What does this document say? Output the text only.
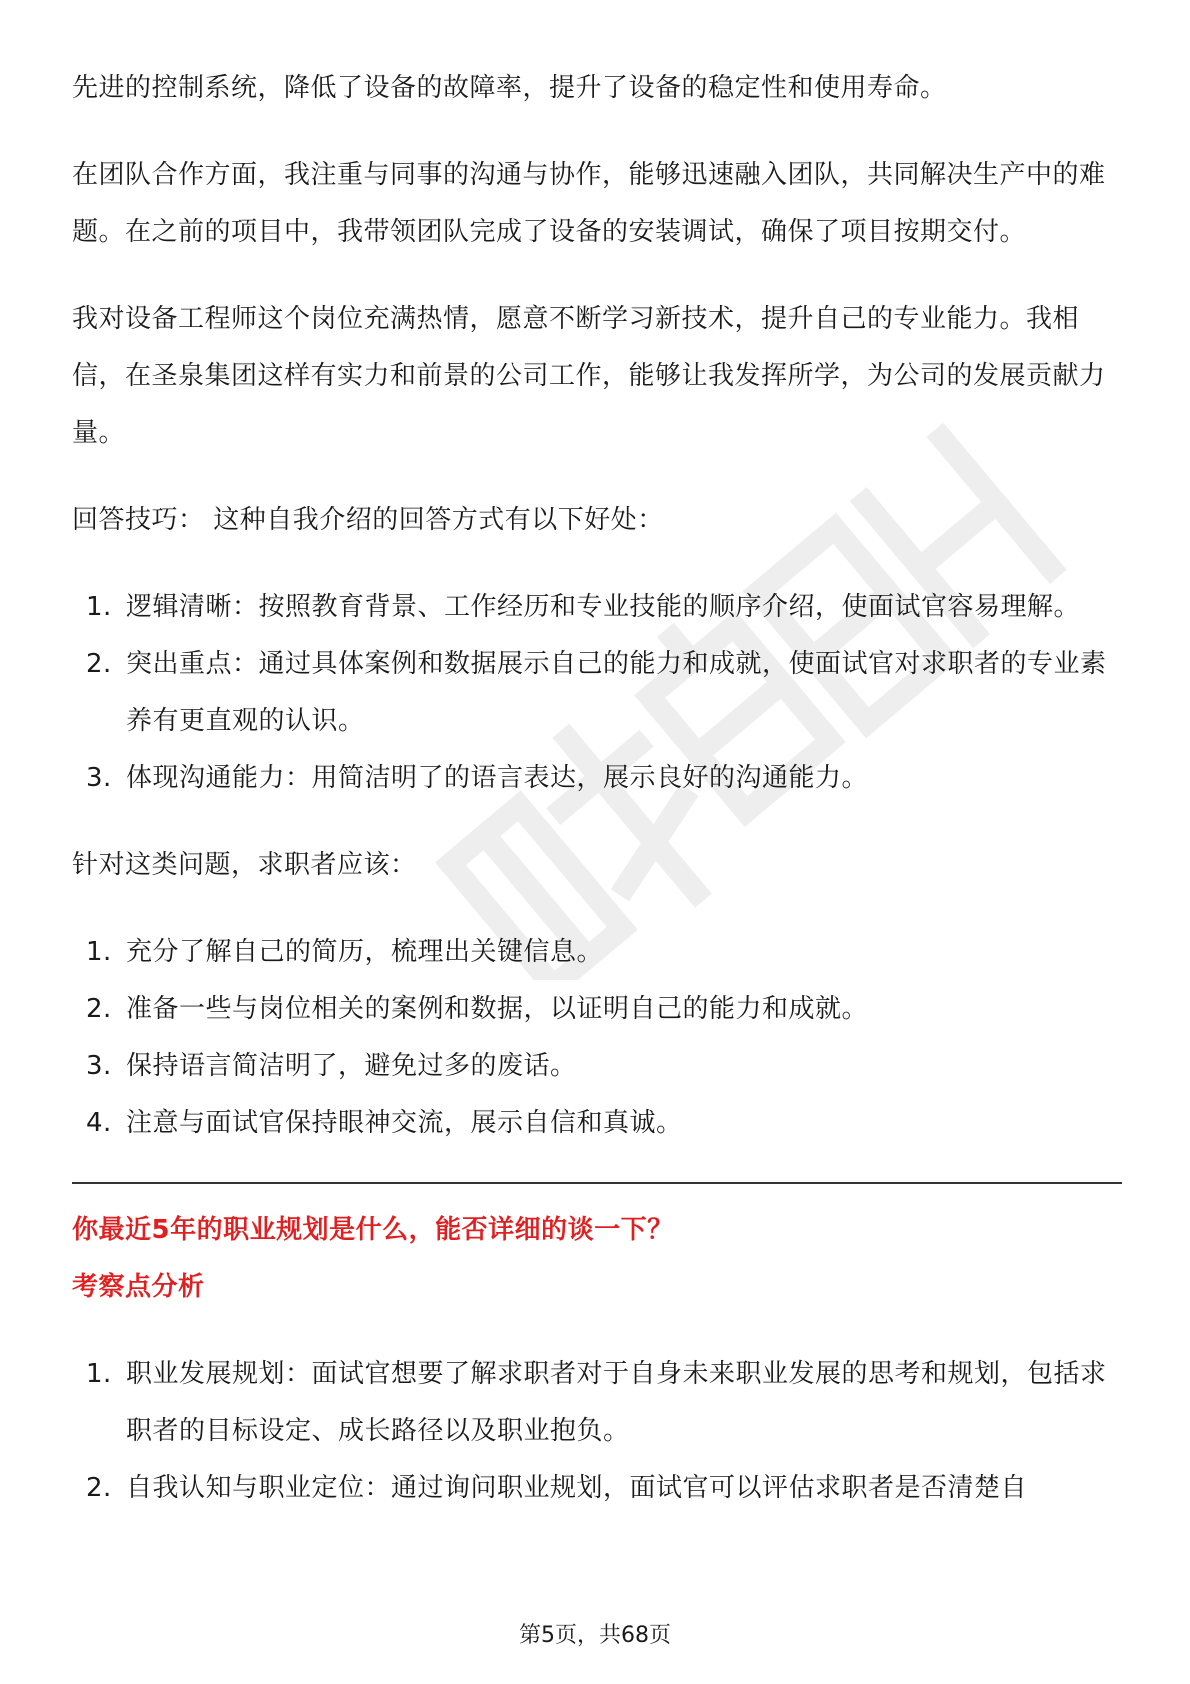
先进的控制系统，降低了设备的故障率，提升了设备的稳定性和使用寿命。

在团队合作方面，我注重与同事的沟通与协作，能够迅速融入团队，共同解决生产中的难题。在之前的项目中，我带领团队完成了设备的安装调试，确保了项目按期交付。

我对设备工程师这个岗位充满热情，愿意不断学习新技术，提升自己的专业能力。我相信，在圣泉集团这样有实力和前景的公司工作，能够让我发挥所学，为公司的发展贡献力量。

回答技巧： 这种自我介绍的回答方式有以下好处：

1. 逻辑清晰：按照教育背景、工作经历和专业技能的顺序介绍，使面试官容易理解。
2. 突出重点：通过具体案例和数据展示自己的能力和成就，使面试官对求职者的专业素养有更直观的认识。
3. 体现沟通能力：用简洁明了的语言表达，展示良好的沟通能力。

针对这类问题，求职者应该：

1. 充分了解自己的简历，梳理出关键信息。
2. 准备一些与岗位相关的案例和数据，以证明自己的能力和成就。
3. 保持语言简洁明了，避免过多的废话。
4. 注意与面试官保持眼神交流，展示自信和真诚。

你最近5年的职业规划是什么，能否详细的谈一下？

考察点分析

1. 职业发展规划：面试官想要了解求职者对于自身未来职业发展的思考和规划，包括求职者的目标设定、成长路径以及职业抱负。
2. 自我认知与职业定位：通过询问职业规划，面试官可以评估求职者是否清楚自
第5页，共68页
